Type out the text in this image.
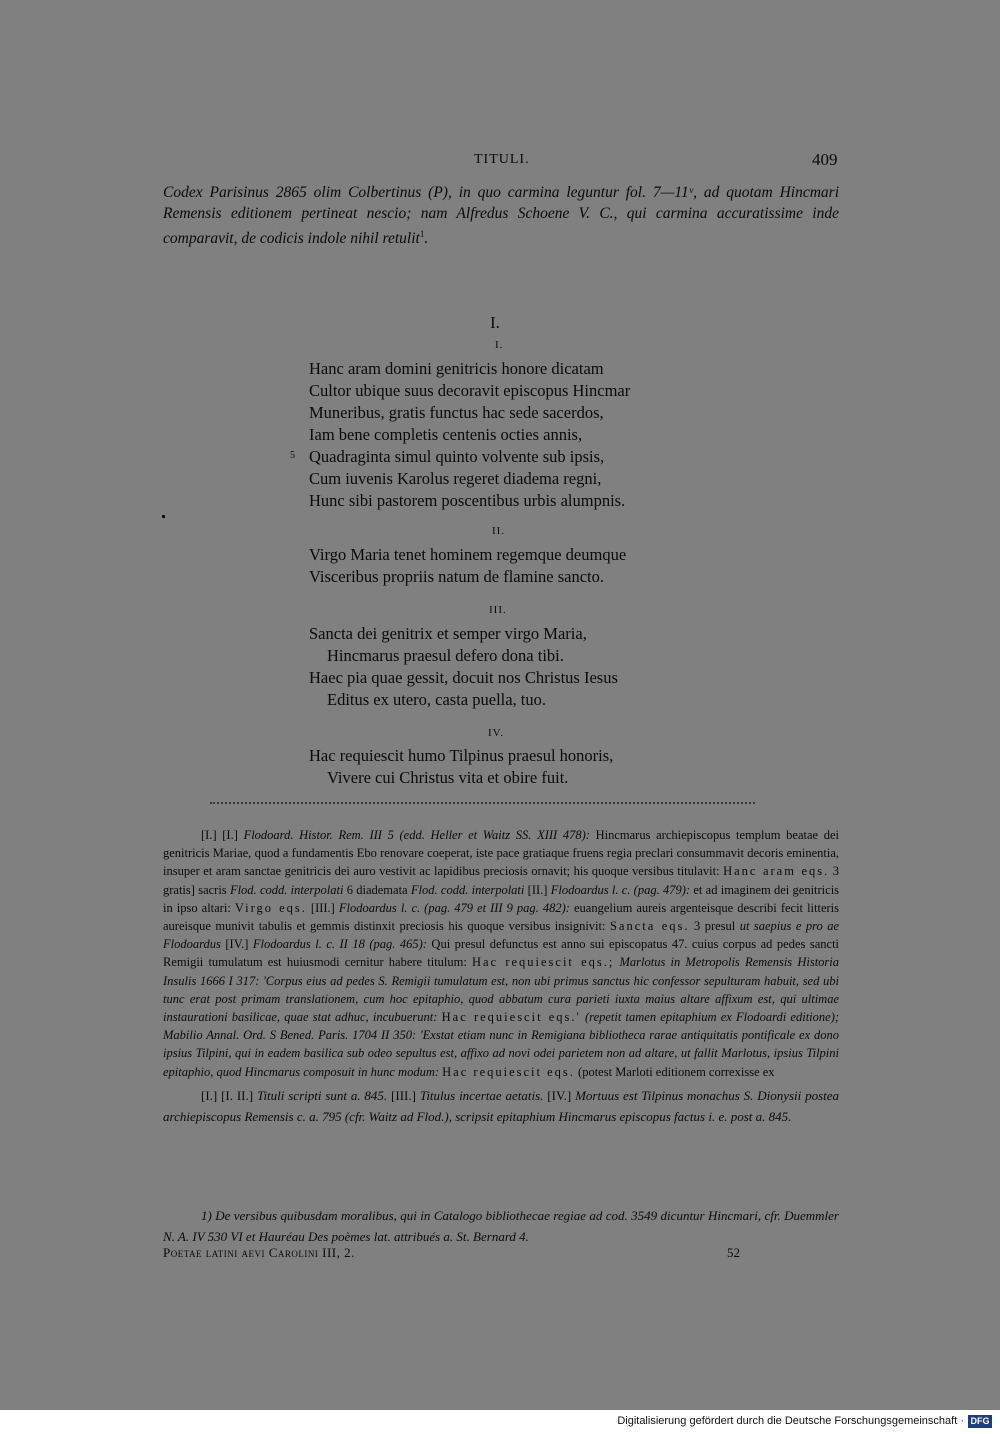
TITULI.	409
Codex Parisinus 2865 olim Colbertinus (P), in quo carmina leguntur fol. 7—11ᵛ, ad quotam Hincmari Remensis editionem pertineat nescio; nam Alfredus Schoene V. C., qui carmina accuratissime inde comparavit, de codicis indole nihil retulit$^1$.
I.
I.
Hanc aram domini genitricis honore dicatam
Cultor ubique suus decoravit episcopus Hincmar
Muneribus, gratis functus hac sede sacerdos,
Iam bene completis centenis octies annis,
5 Quadraginta simul quinto volvente sub ipsis,
Cum iuvenis Karolus regeret diadema regni,
Hunc sibi pastorem poscentibus urbis alumpnis.
II.
Virgo Maria tenet hominem regemque deumque
Visceribus propriis natum de flamine sancto.
III.
Sancta dei genitrix et semper virgo Maria,
Hincmarus praesul defero dona tibi.
Haec pia quae gessit, docuit nos Christus Iesus
Editus ex utero, casta puella, tuo.
IV.
Hac requiescit humo Tilpinus praesul honoris,
Vivere cui Christus vita et obire fuit.

[I.] [I.] Flodoard. Histor. Rem. III 5 (edd. Heller et Waitz SS. XIII 478): Hincmarus archiepiscopus templum beatae dei genitricis Mariae, quod a fundamentis Ebo renovare coeperat, iste pace gratiaque fruens regia preclari consummavit decoris eminentia, insuper et aram sanctae genitricis dei auro vestivit ac lapidibus preciosis ornavit; his quoque versibus titulavit: Hanc aram eqs. 3 gratis] sacris Flod. codd. interpolati 6 diademata Flod. codd. interpolati [II.] Flodoardus l. c. (pag. 479): et ad imaginem dei genitricis in ipso altari: Virgo eqs. [III.] Flodoardus l. c. (pag. 479 et III 9 pag. 482): euangelium aureis argenteisque describi fecit litteris aureisque munivit tabulis et gemmis distinxit preciosis his quoque versibus insignivit: Sancta eqs. 3 presul ut saepius e pro ae Flodoardus [IV.] Flodoardus l. c. II 18 (pag. 465): Qui presul defunctus est anno sui episcopatus 47. cuius corpus ad pedes sancti Remigii tumulatum est huiusmodi cernitur habere titulum: Hac requiescit eqs.; Marlotus in Metropolis Remensis Historia Insulis 1666 I 317: 'Corpus eius ad pedes S. Remigii tumulatum est, non ubi primus sanctus hic confessor sepulturam habuit, sed ubi tunc erat post primam translationem, cum hoc epitaphio, quod abbatum cura parieti iuxta maius altare affixum est, qui ultimae instaurationi basilicae, quae stat adhuc, incubuerunt: Hac requiescit eqs.' (repetit tamen epitaphium ex Flodoardi editione); Mabilio Annal. Ord. S Bened. Paris. 1704 II 350: 'Exstat etiam nunc in Remigiana bibliotheca rarae antiquitatis pontificale ex dono ipsius Tilpini, qui in eadem basilica sub odeo sepultus est, affixo ad novi odei parietem non ad altare, ut fallit Marlotus, ipsius Tilpini epitaphio, quod Hincmarus composuit in hunc modum: Hac requiescit eqs. (potest Marloti editionem correxisse ex

[I.] [I. II.] Tituli scripti sunt a. 845. [III.] Titulus incertae aetatis. [IV.] Mortuus est Tilpinus monachus S. Dionysii postea archiepiscopus Remensis c. a. 795 (cfr. Waitz ad Flod.), scripsit epitaphium Hincmarus episcopus factus i. e. post a. 845.

1) De versibus quibusdam moralibus, qui in Catalogo bibliothecae regiae ad cod. 3549 dicuntur Hincmari, cfr. Duemmler N. A. IV 530 VI et Hauréau Des poèmes lat. attribués a. St. Bernard 4.

Poetae latini aevi Carolini III, 2.	52
Digitalisierung gefördert durch die Deutsche Forschungsgemeinschaft · DFG
